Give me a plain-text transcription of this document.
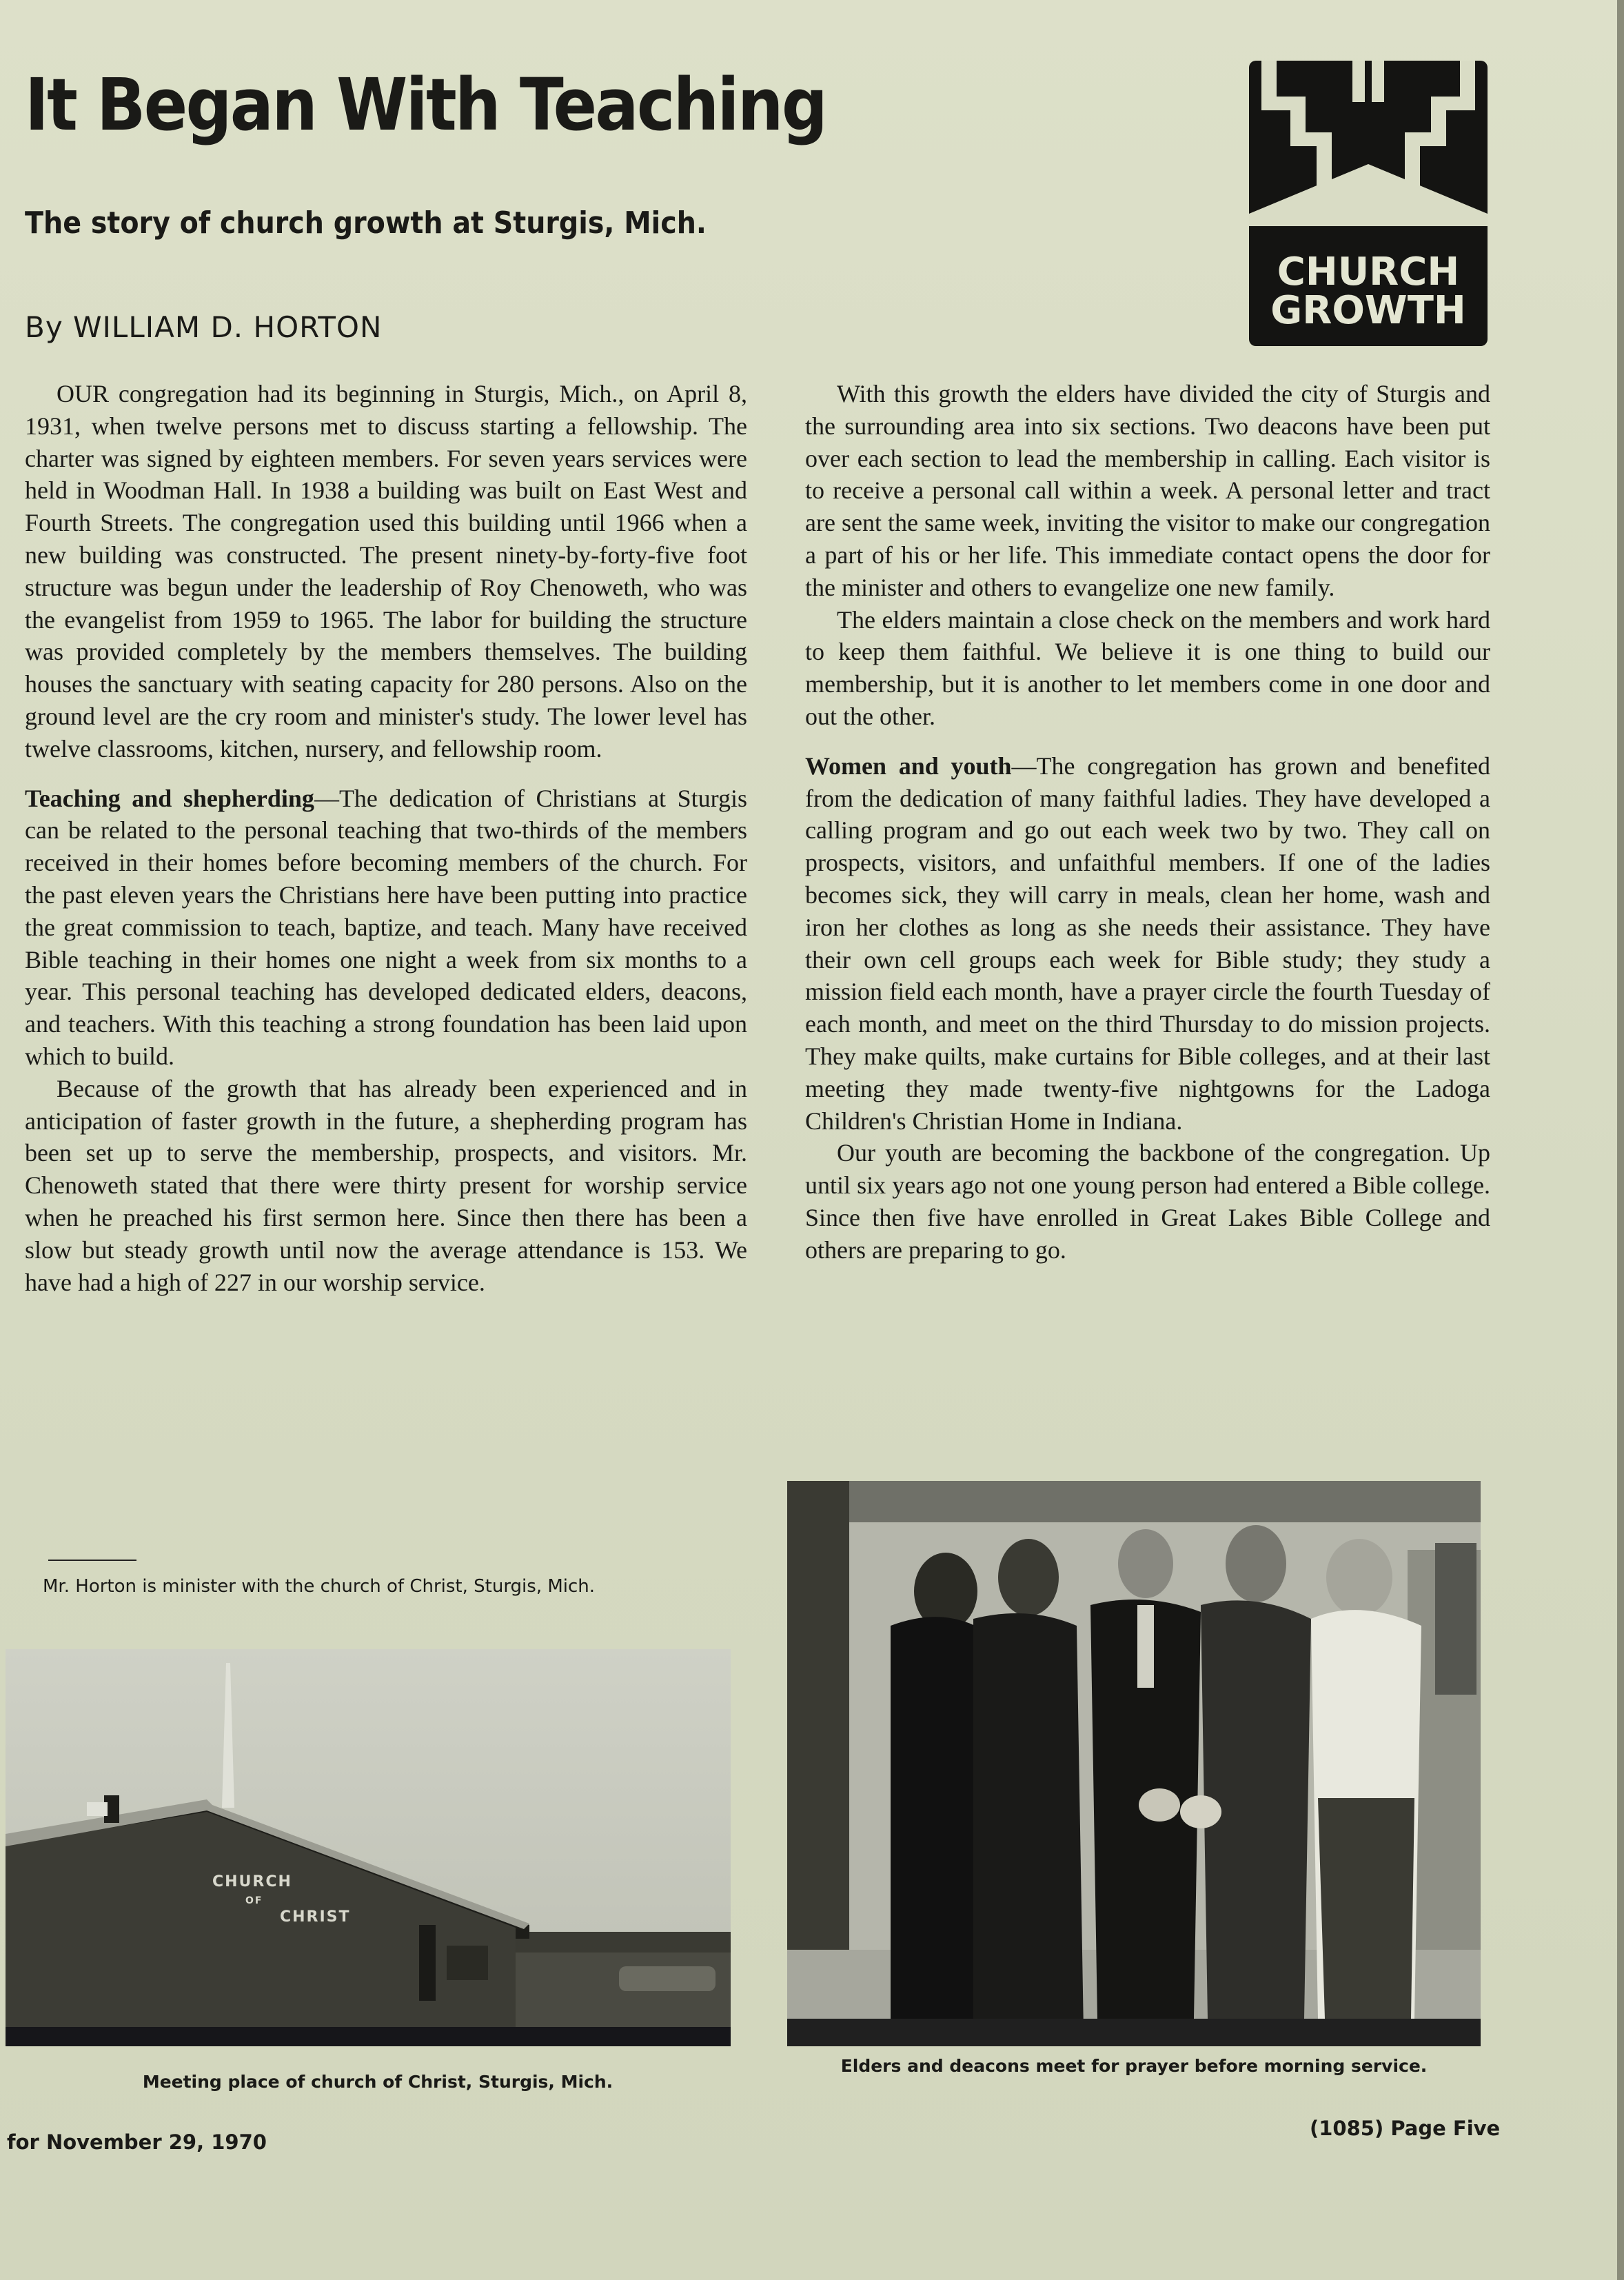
It Began With Teaching
The story of church growth at Sturgis, Mich.

By WILLIAM D. HORTON

CHURCH
GROWTH

OUR congregation had its beginning in Sturgis, Mich., on April 8, 1931, when twelve persons met to discuss starting a fellowship. The charter was signed by eighteen members. For seven years services were held in Woodman Hall. In 1938 a building was built on East West and Fourth Streets. The congregation used this building until 1966 when a new building was constructed. The present ninety-by-forty-five foot structure was begun under the leadership of Roy Chenoweth, who was the evangelist from 1959 to 1965. The labor for building the structure was provided completely by the members themselves. The building houses the sanctuary with seating capacity for 280 persons. Also on the ground level are the cry room and minister's study. The lower level has twelve classrooms, kitchen, nursery, and fellowship room.

Teaching and shepherding—The dedication of Christians at Sturgis can be related to the personal teaching that two-thirds of the members received in their homes before becoming members of the church. For the past eleven years the Christians here have been putting into practice the great commission to teach, baptize, and teach. Many have received Bible teaching in their homes one night a week from six months to a year. This personal teaching has developed dedicated elders, deacons, and teachers. With this teaching a strong foundation has been laid upon which to build.

Because of the growth that has already been experienced and in anticipation of faster growth in the future, a shepherding program has been set up to serve the membership, prospects, and visitors. Mr. Chenoweth stated that there were thirty present for worship service when he preached his first sermon here. Since then there has been a slow but steady growth until now the average attendance is 153. We have had a high of 227 in our worship service.

With this growth the elders have divided the city of Sturgis and the surrounding area into six sections. Two deacons have been put over each section to lead the membership in calling. Each visitor is to receive a personal call within a week. A personal letter and tract are sent the same week, inviting the visitor to make our congregation a part of his or her life. This immediate contact opens the door for the minister and others to evangelize one new family.

The elders maintain a close check on the members and work hard to keep them faithful. We believe it is one thing to build our membership, but it is another to let members come in one door and out the other.

Women and youth—The congregation has grown and benefited from the dedication of many faithful ladies. They have developed a calling program and go out each week two by two. They call on prospects, visitors, and unfaithful members. If one of the ladies becomes sick, they will carry in meals, clean her home, wash and iron her clothes as long as she needs their assistance. They have their own cell groups each week for Bible study; they study a mission field each month, have a prayer circle the fourth Tuesday of each month, and meet on the third Thursday to do mission projects. They make quilts, make curtains for Bible colleges, and at their last meeting they made twenty-five nightgowns for the Ladoga Children's Christian Home in Indiana.

Our youth are becoming the backbone of the congregation. Up until six years ago not one young person had entered a Bible college. Since then five have enrolled in Great Lakes Bible College and others are preparing to go.

Mr. Horton is minister with the church of Christ, Sturgis, Mich.

CHURCH
OF
CHRIST

Meeting place of church of Christ, Sturgis, Mich.

Elders and deacons meet for prayer before morning service.

for November 29, 1970

(1085) Page Five
